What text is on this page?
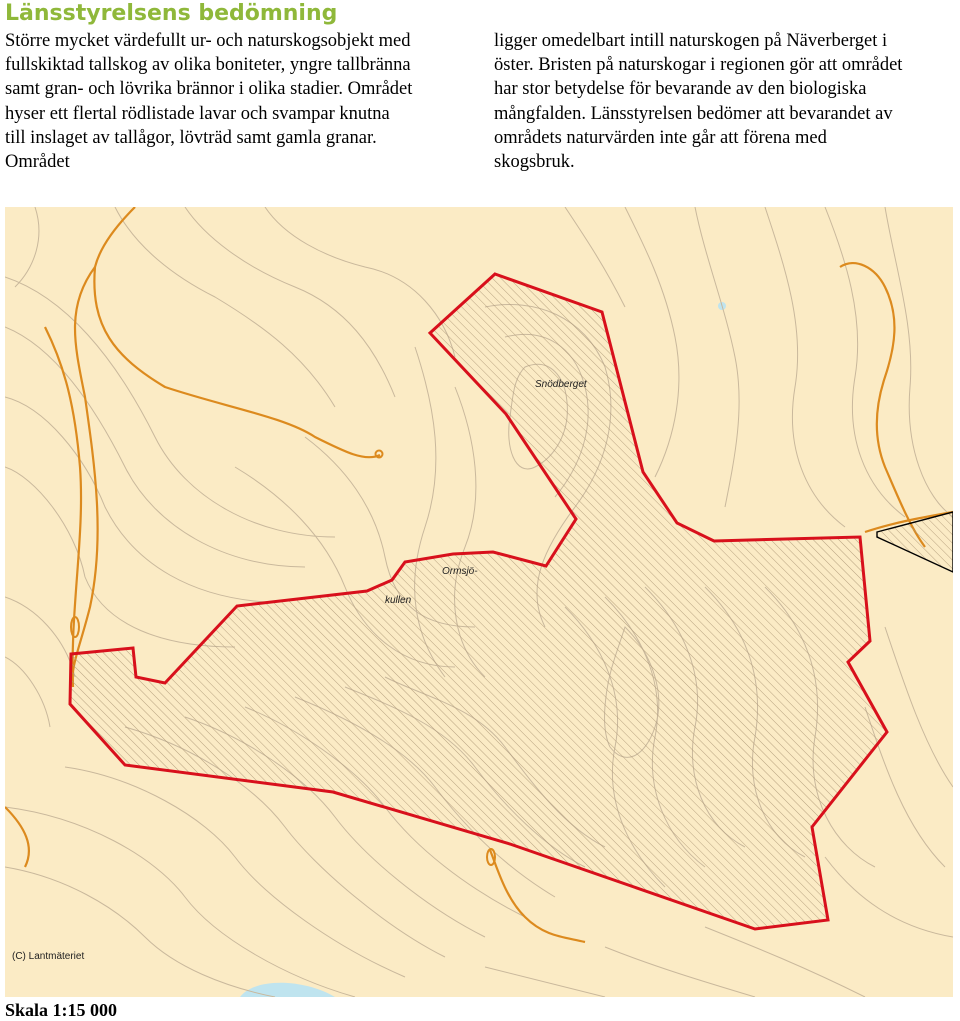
Länsstyrelsens bedömning
Större mycket värdefullt ur- och naturskogsobjekt med
fullskiktad tallskog av olika boniteter, yngre tallbränna
samt gran- och lövrika brännor i olika stadier. Området
hyser ett flertal rödlistade lavar och svampar knutna
till inslaget av tallågor, lövträd samt gamla granar.
Området
ligger omedelbart intill naturskogen på Näverberget i
öster. Bristen på naturskogar i regionen gör att området
har stor betydelse för bevarande av den biologiska
mångfalden. Länsstyrelsen bedömer att bevarandet av
områdets naturvärden inte går att förena med
skogsbruk.
Snödberget
Ormsjö-
kullen
(C) Lantmäteriet

Skala 1:15 000
